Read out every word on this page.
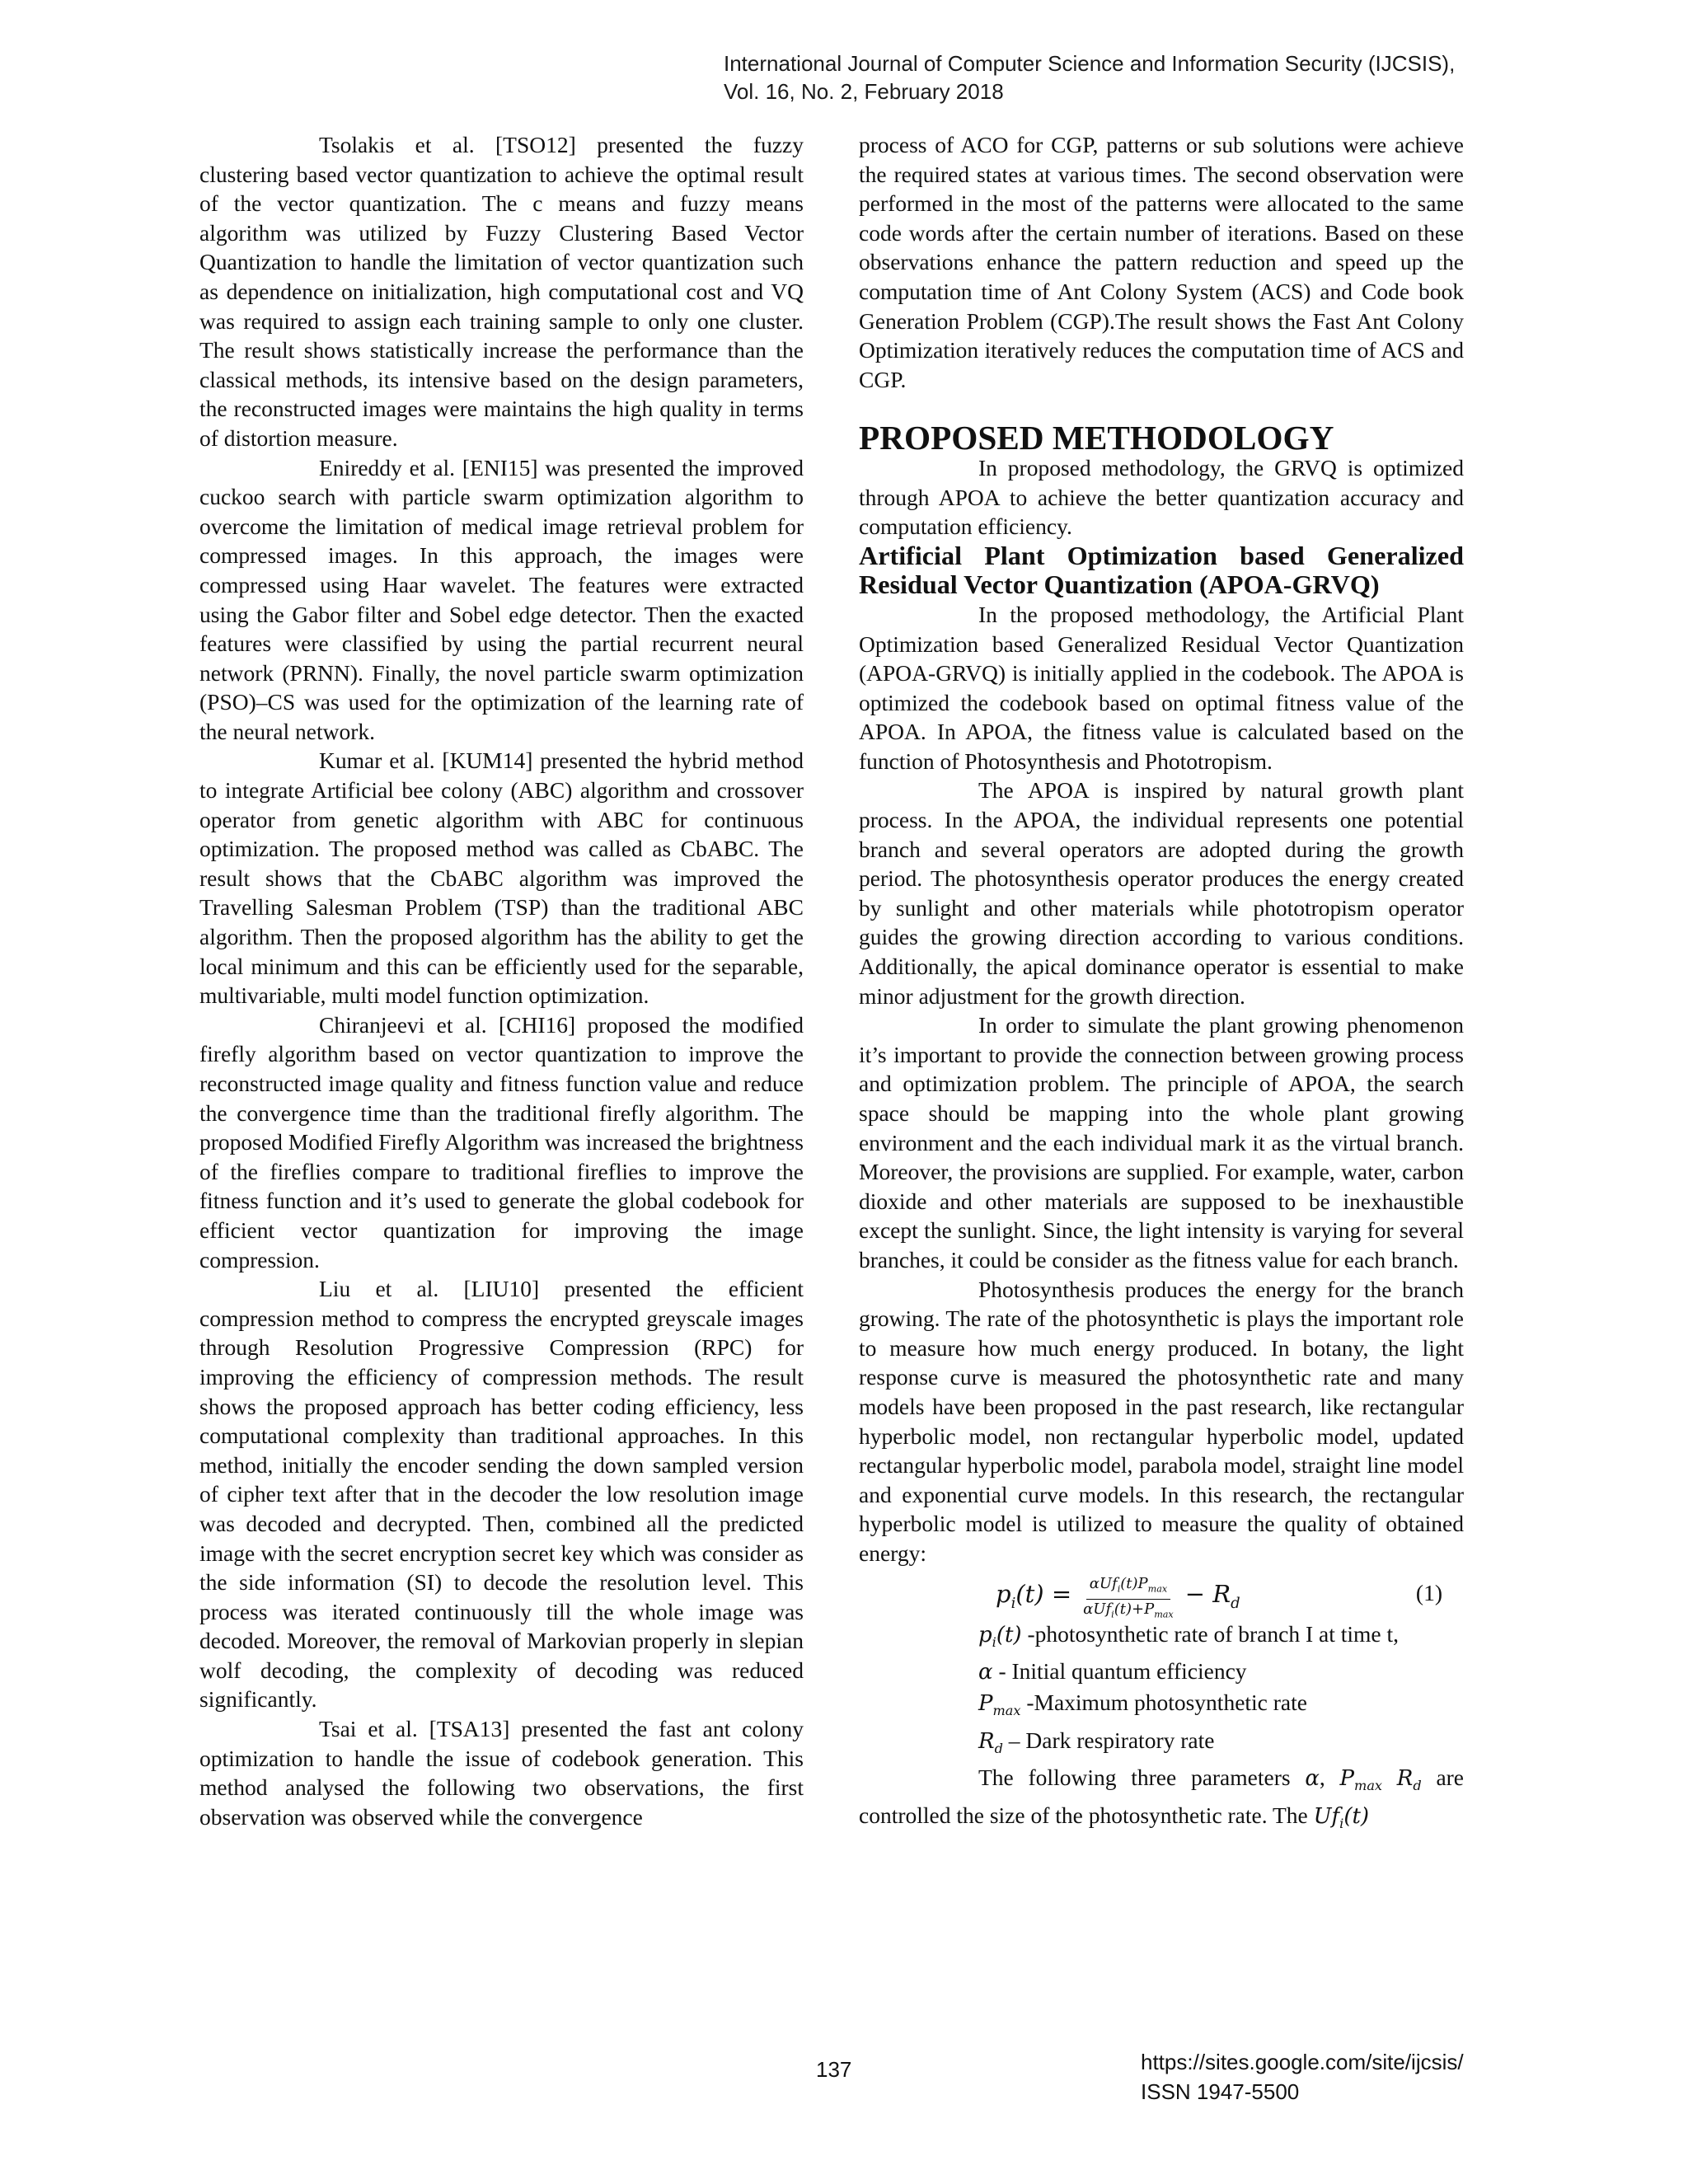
International Journal of Computer Science and Information Security (IJCSIS),
Vol. 16, No. 2, February 2018

Tsolakis et al. [TSO12] presented the fuzzy clustering based vector quantization to achieve the optimal result of the vector quantization. The c means and fuzzy means algorithm was utilized by Fuzzy Clustering Based Vector Quantization to handle the limitation of vector quantization such as dependence on initialization, high computational cost and VQ was required to assign each training sample to only one cluster. The result shows statistically increase the performance than the classical methods, its intensive based on the design parameters, the reconstructed images were maintains the high quality in terms of distortion measure.

Enireddy et al. [ENI15] was presented the improved cuckoo search with particle swarm optimization algorithm to overcome the limitation of medical image retrieval problem for compressed images. In this approach, the images were compressed using Haar wavelet. The features were extracted using the Gabor filter and Sobel edge detector. Then the exacted features were classified by using the partial recurrent neural network (PRNN). Finally, the novel particle swarm optimization (PSO)–CS was used for the optimization of the learning rate of the neural network.

Kumar et al. [KUM14] presented the hybrid method to integrate Artificial bee colony (ABC) algorithm and crossover operator from genetic algorithm with ABC for continuous optimization. The proposed method was called as CbABC. The result shows that the CbABC algorithm was improved the Travelling Salesman Problem (TSP) than the traditional ABC algorithm. Then the proposed algorithm has the ability to get the local minimum and this can be efficiently used for the separable, multivariable, multi model function optimization.

Chiranjeevi et al. [CHI16] proposed the modified firefly algorithm based on vector quantization to improve the reconstructed image quality and fitness function value and reduce the convergence time than the traditional firefly algorithm. The proposed Modified Firefly Algorithm was increased the brightness of the fireflies compare to traditional fireflies to improve the fitness function and it’s used to generate the global codebook for efficient vector quantization for improving the image compression.

Liu et al. [LIU10] presented the efficient compression method to compress the encrypted greyscale images through Resolution Progressive Compression (RPC) for improving the efficiency of compression methods. The result shows the proposed approach has better coding efficiency, less computational complexity than traditional approaches. In this method, initially the encoder sending the down sampled version of cipher text after that in the decoder the low resolution image was decoded and decrypted. Then, combined all the predicted image with the secret encryption secret key which was consider as the side information (SI) to decode the resolution level. This process was iterated continuously till the whole image was decoded. Moreover, the removal of Markovian properly in slepian wolf decoding, the complexity of decoding was reduced significantly.

Tsai et al. [TSA13] presented the fast ant colony optimization to handle the issue of codebook generation. This method analysed the following two observations, the first observation was observed while the convergence

process of ACO for CGP, patterns or sub solutions were achieve the required states at various times. The second observation were performed in the most of the patterns were allocated to the same code words after the certain number of iterations. Based on these observations enhance the pattern reduction and speed up the computation time of Ant Colony System (ACS) and Code book Generation Problem (CGP).The result shows the Fast Ant Colony Optimization iteratively reduces the computation time of ACS and CGP.

PROPOSED METHODOLOGY

In proposed methodology, the GRVQ is optimized through APOA to achieve the better quantization accuracy and computation efficiency.

Artificial Plant Optimization based Generalized Residual Vector Quantization (APOA-GRVQ)

In the proposed methodology, the Artificial Plant Optimization based Generalized Residual Vector Quantization (APOA-GRVQ) is initially applied in the codebook. The APOA is optimized the codebook based on optimal fitness value of the APOA. In APOA, the fitness value is calculated based on the function of Photosynthesis and Phototropism.

The APOA is inspired by natural growth plant process. In the APOA, the individual represents one potential branch and several operators are adopted during the growth period. The photosynthesis operator produces the energy created by sunlight and other materials while phototropism operator guides the growing direction according to various conditions. Additionally, the apical dominance operator is essential to make minor adjustment for the growth direction.

In order to simulate the plant growing phenomenon it’s important to provide the connection between growing process and optimization problem. The principle of APOA, the search space should be mapping into the whole plant growing environment and the each individual mark it as the virtual branch. Moreover, the provisions are supplied. For example, water, carbon dioxide and other materials are supposed to be inexhaustible except the sunlight. Since, the light intensity is varying for several branches, it could be consider as the fitness value for each branch.

Photosynthesis produces the energy for the branch growing. The rate of the photosynthetic is plays the important role to measure how much energy produced. In botany, the light response curve is measured the photosynthetic rate and many models have been proposed in the past research, like rectangular hyperbolic model, non rectangular hyperbolic model, updated rectangular hyperbolic model, parabola model, straight line model and exponential curve models. In this research, the rectangular hyperbolic model is utilized to measure the quality of obtained energy:

$p_i(t) = \frac{\alpha Uf_i(t)P_{max}}{\alpha Uf_i(t)+P_{max}} - R_d$	(1)

$p_i(t)$ -photosynthetic rate of branch I at time t,

α - Initial quantum efficiency

$P_{max}$ -Maximum photosynthetic rate

$R_d$ – Dark respiratory rate

The following three parameters α, $P_{max}$ $R_d$ are controlled the size of the photosynthetic rate. The $Uf_i(t)$

137	https://sites.google.com/site/ijcsis/
ISSN 1947-5500
